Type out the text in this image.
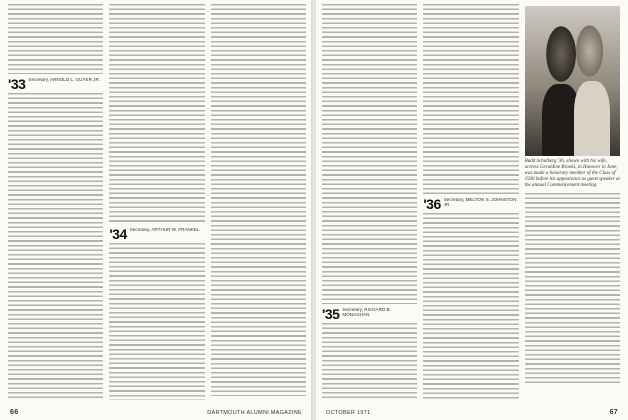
'33 Secretary, ARNOLD L. GUYER JR.
'34 Secretary, ARTHUR W. FRANKEL
66	DARTMOUTH ALUMNI MAGAZINE
'35 Secretary, RICHARD B. MONAGHAN
'36 Secretary, MELTON S. JOHNSTON JR.
Budd Schulberg '36, shown with his wife, actress Geraldine Brooks, in Hanover in June, was made a honorary member of the Class of 1936 before his appearance as guest speaker at the annual Commencement meeting.
OCTOBER 1971	67
